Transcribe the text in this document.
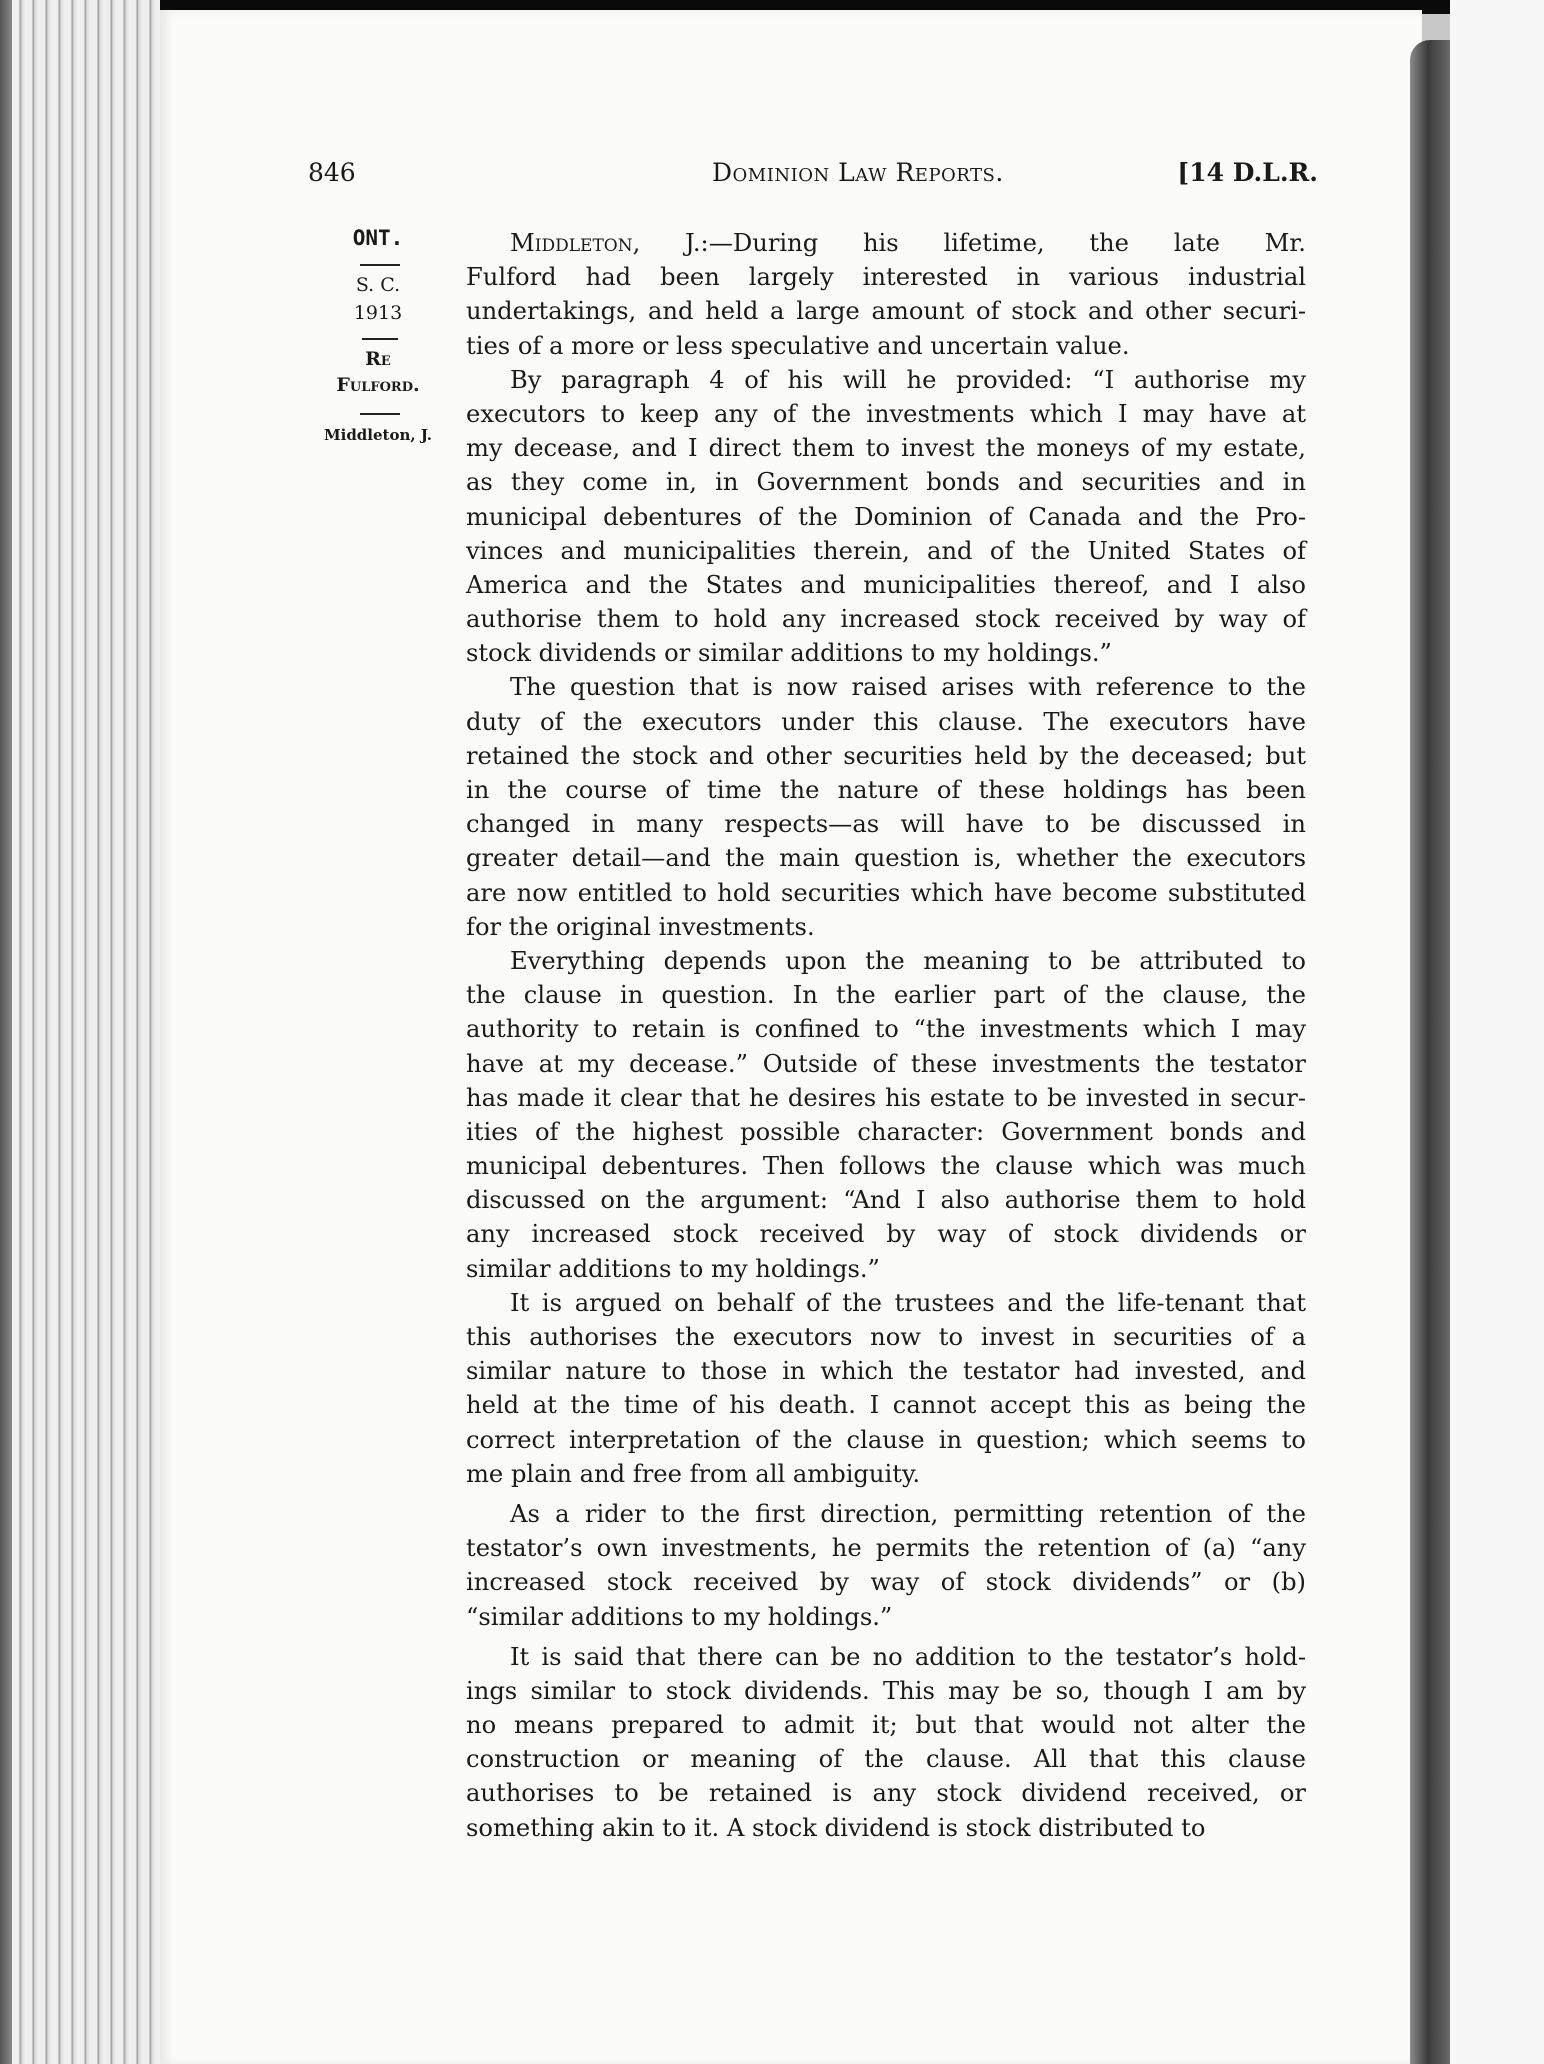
846	Dominion Law Reports.	[14 D.L.R.
ONT.
S. C.
1913
Re
Fulford.
Middleton, J.
Middleton, J.:—During his lifetime, the late Mr.
Fulford had been largely interested in various industrial
undertakings, and held a large amount of stock and other securi-
ties of a more or less speculative and uncertain value.
By paragraph 4 of his will he provided: “I authorise my
executors to keep any of the investments which I may have at
my decease, and I direct them to invest the moneys of my estate,
as they come in, in Government bonds and securities and in
municipal debentures of the Dominion of Canada and the Pro-
vinces and municipalities therein, and of the United States of
America and the States and municipalities thereof, and I also
authorise them to hold any increased stock received by way of
stock dividends or similar additions to my holdings.”
The question that is now raised arises with reference to the
duty of the executors under this clause. The executors have
retained the stock and other securities held by the deceased; but
in the course of time the nature of these holdings has been
changed in many respects—as will have to be discussed in
greater detail—and the main question is, whether the executors
are now entitled to hold securities which have become substituted
for the original investments.
Everything depends upon the meaning to be attributed to
the clause in question. In the earlier part of the clause, the
authority to retain is confined to “the investments which I may
have at my decease.” Outside of these investments the testator
has made it clear that he desires his estate to be invested in secur-
ities of the highest possible character: Government bonds and
municipal debentures. Then follows the clause which was much
discussed on the argument: “And I also authorise them to hold
any increased stock received by way of stock dividends or
similar additions to my holdings.”
It is argued on behalf of the trustees and the life-tenant that
this authorises the executors now to invest in securities of a
similar nature to those in which the testator had invested, and
held at the time of his death. I cannot accept this as being the
correct interpretation of the clause in question; which seems to
me plain and free from all ambiguity.
As a rider to the first direction, permitting retention of the
testator’s own investments, he permits the retention of (a) “any
increased stock received by way of stock dividends” or (b)
“similar additions to my holdings.”
It is said that there can be no addition to the testator’s hold-
ings similar to stock dividends. This may be so, though I am by
no means prepared to admit it; but that would not alter the
construction or meaning of the clause. All that this clause
authorises to be retained is any stock dividend received, or
something akin to it. A stock dividend is stock distributed to
